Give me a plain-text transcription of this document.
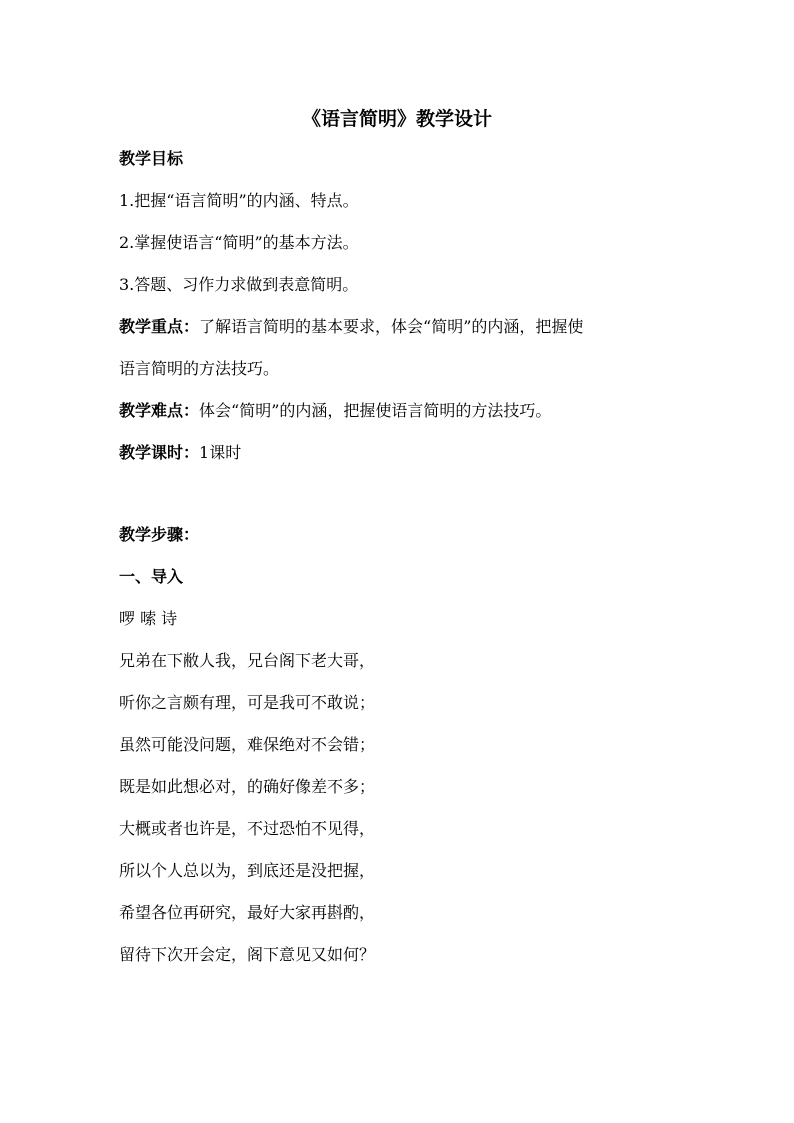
《语言简明》教学设计
教学目标
1.把握“语言简明”的内涵、特点。
2.掌握使语言“简明”的基本方法。
3.答题、习作力求做到表意简明。
教学重点：了解语言简明的基本要求，体会“简明”的内涵，把握使
语言简明的方法技巧。
教学难点：体会“简明”的内涵，把握使语言简明的方法技巧。
教学课时：1课时
教学步骤：
一、导入
啰 嗦 诗
兄弟在下敝人我，兄台阁下老大哥，
听你之言颇有理，可是我可不敢说；
虽然可能没问题，难保绝对不会错；
既是如此想必对，的确好像差不多；
大概或者也许是，不过恐怕不见得，
所以个人总以为，到底还是没把握，
希望各位再研究，最好大家再斟酌，
留待下次开会定，阁下意见又如何？
